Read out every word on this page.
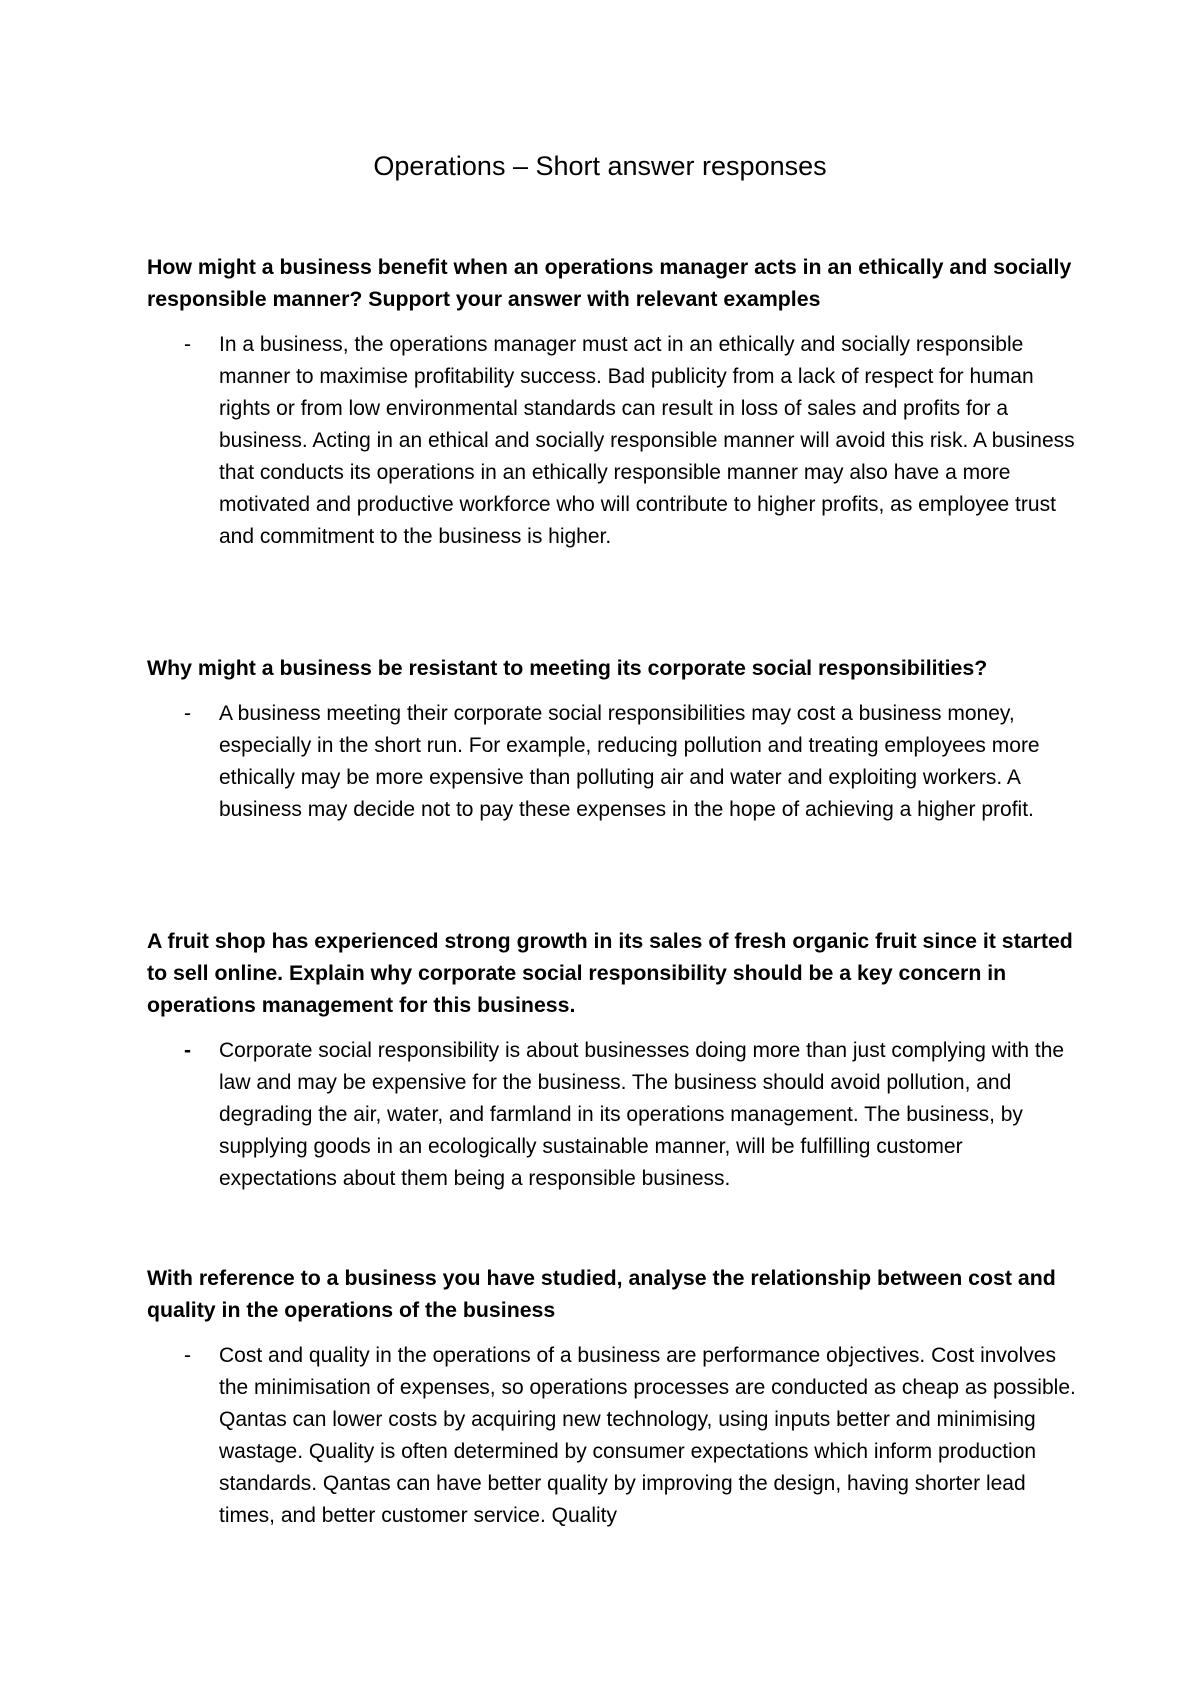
Operations – Short answer responses

How might a business benefit when an operations manager acts in an ethically and socially responsible manner? Support your answer with relevant examples

-	In a business, the operations manager must act in an ethically and socially responsible manner to maximise profitability success. Bad publicity from a lack of respect for human rights or from low environmental standards can result in loss of sales and profits for a business. Acting in an ethical and socially responsible manner will avoid this risk. A business that conducts its operations in an ethically responsible manner may also have a more motivated and productive workforce who will contribute to higher profits, as employee trust and commitment to the business is higher.

Why might a business be resistant to meeting its corporate social responsibilities?

-	A business meeting their corporate social responsibilities may cost a business money, especially in the short run. For example, reducing pollution and treating employees more ethically may be more expensive than polluting air and water and exploiting workers. A business may decide not to pay these expenses in the hope of achieving a higher profit.

A fruit shop has experienced strong growth in its sales of fresh organic fruit since it started to sell online. Explain why corporate social responsibility should be a key concern in operations management for this business.

-	Corporate social responsibility is about businesses doing more than just complying with the law and may be expensive for the business. The business should avoid pollution, and degrading the air, water, and farmland in its operations management. The business, by supplying goods in an ecologically sustainable manner, will be fulfilling customer expectations about them being a responsible business.

With reference to a business you have studied, analyse the relationship between cost and quality in the operations of the business

-	Cost and quality in the operations of a business are performance objectives. Cost involves the minimisation of expenses, so operations processes are conducted as cheap as possible. Qantas can lower costs by acquiring new technology, using inputs better and minimising wastage. Quality is often determined by consumer expectations which inform production standards. Qantas can have better quality by improving the design, having shorter lead times, and better customer service. Quality
